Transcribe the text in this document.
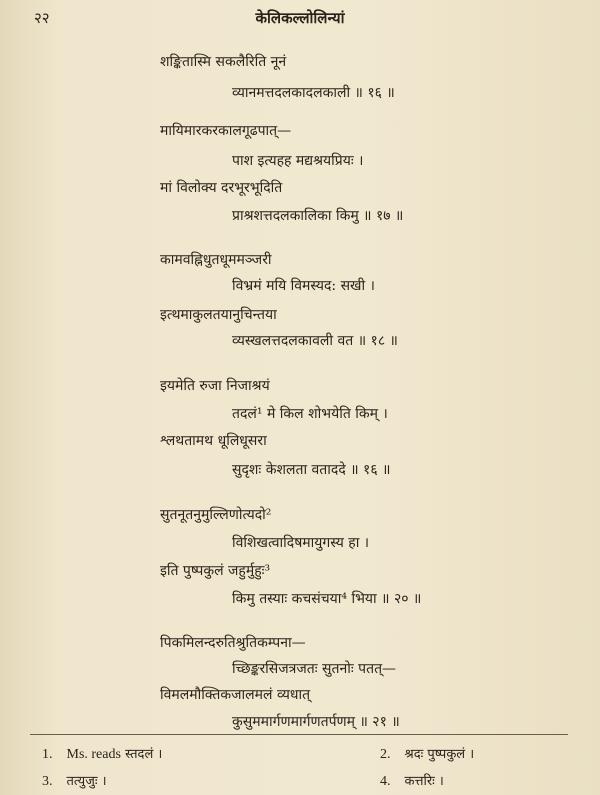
२२	केलिकल्लोलिन्यां
शङ्कितास्मि सकलैरिति नूनं
व्यानमत्तदलकादलकाली ॥ १६ ॥
मायिमारकरकालगूढपात्—
पाश इत्यहह मद्यश्रयप्रियः ।
मां विलोक्य दरभूरभूदिति
प्राश्रशत्तदलकालिका किमु ॥ १७ ॥
कामवह्निधुतधूममञ्जरी
विभ्रमं मयि विमस्यद: सखी ।
इत्थमाकुलतयानुचिन्तया
व्यस्खलत्तदलकावली वत ॥ १८ ॥
इयमेति रुजा निजाश्रयं
तदलं¹ मे किल शोभयेति किम् ।
श्लथतामथ धूलिधूसरा
सुदृशः केशलता वताददे ॥ १६ ॥
सुतनूतनुमुल्लिणोत्यदो²
विशिखत्वादिषमायुगस्य हा ।
इति पुष्पकुलं जहुर्मुहुः³
किमु तस्याः कचसंचया⁴ भिया ॥ २० ॥
पिकमिलन्दरुतिश्रुतिकम्पना—
च्छिङ्करसिजत्रजतः सुतनोः पतत्—
विमलमौक्तिकजालमलं व्यधात्
कुसुममार्गणमार्गणतर्पणम् ॥ २१ ॥
1. Ms. reads स्तदलं ।	2. श्रदः पुष्पकुलं ।
3. तत्युजुः ।	4. कत्तरिः ।
